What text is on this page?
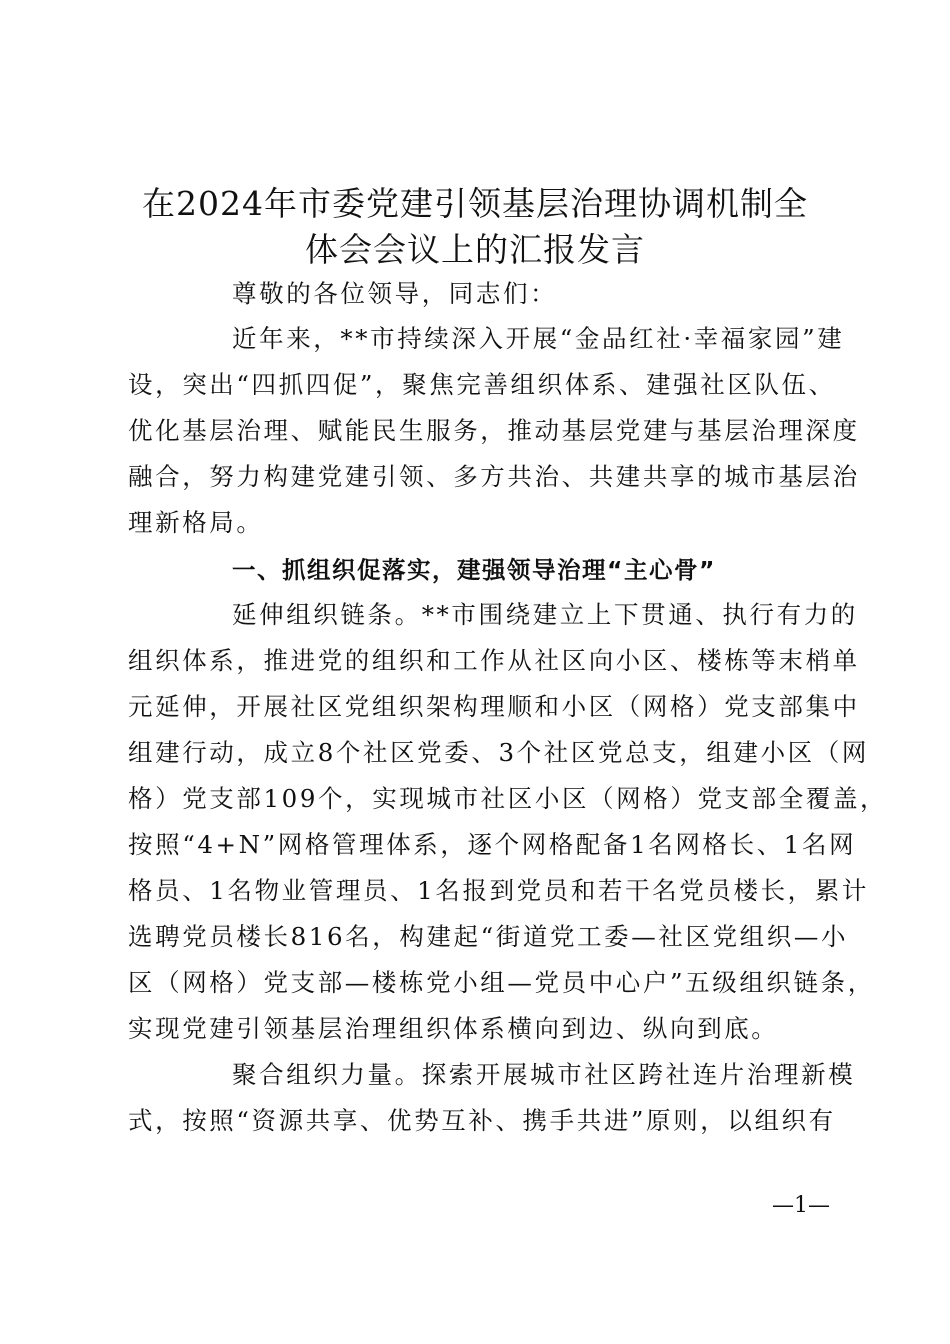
在2024年市委党建引领基层治理协调机制全
体会会议上的汇报发言
尊敬的各位领导，同志们：
近年来，**市持续深入开展“金品红社·幸福家园”建
设，突出“四抓四促”，聚焦完善组织体系、建强社区队伍、
优化基层治理、赋能民生服务，推动基层党建与基层治理深度
融合，努力构建党建引领、多方共治、共建共享的城市基层治
理新格局。
一、抓组织促落实，建强领导治理“主心骨”
延伸组织链条。**市围绕建立上下贯通、执行有力的
组织体系，推进党的组织和工作从社区向小区、楼栋等末梢单
元延伸，开展社区党组织架构理顺和小区（网格）党支部集中
组建行动，成立8个社区党委、3个社区党总支，组建小区（网
格）党支部109个，实现城市社区小区（网格）党支部全覆盖，
按照“4+N”网格管理体系，逐个网格配备1名网格长、1名网
格员、1名物业管理员、1名报到党员和若干名党员楼长，累计
选聘党员楼长816名，构建起“街道党工委—社区党组织—小
区（网格）党支部—楼栋党小组—党员中心户”五级组织链条，
实现党建引领基层治理组织体系横向到边、纵向到底。
聚合组织力量。探索开展城市社区跨社连片治理新模
式，按照“资源共享、优势互补、携手共进”原则，以组织有
—1—
